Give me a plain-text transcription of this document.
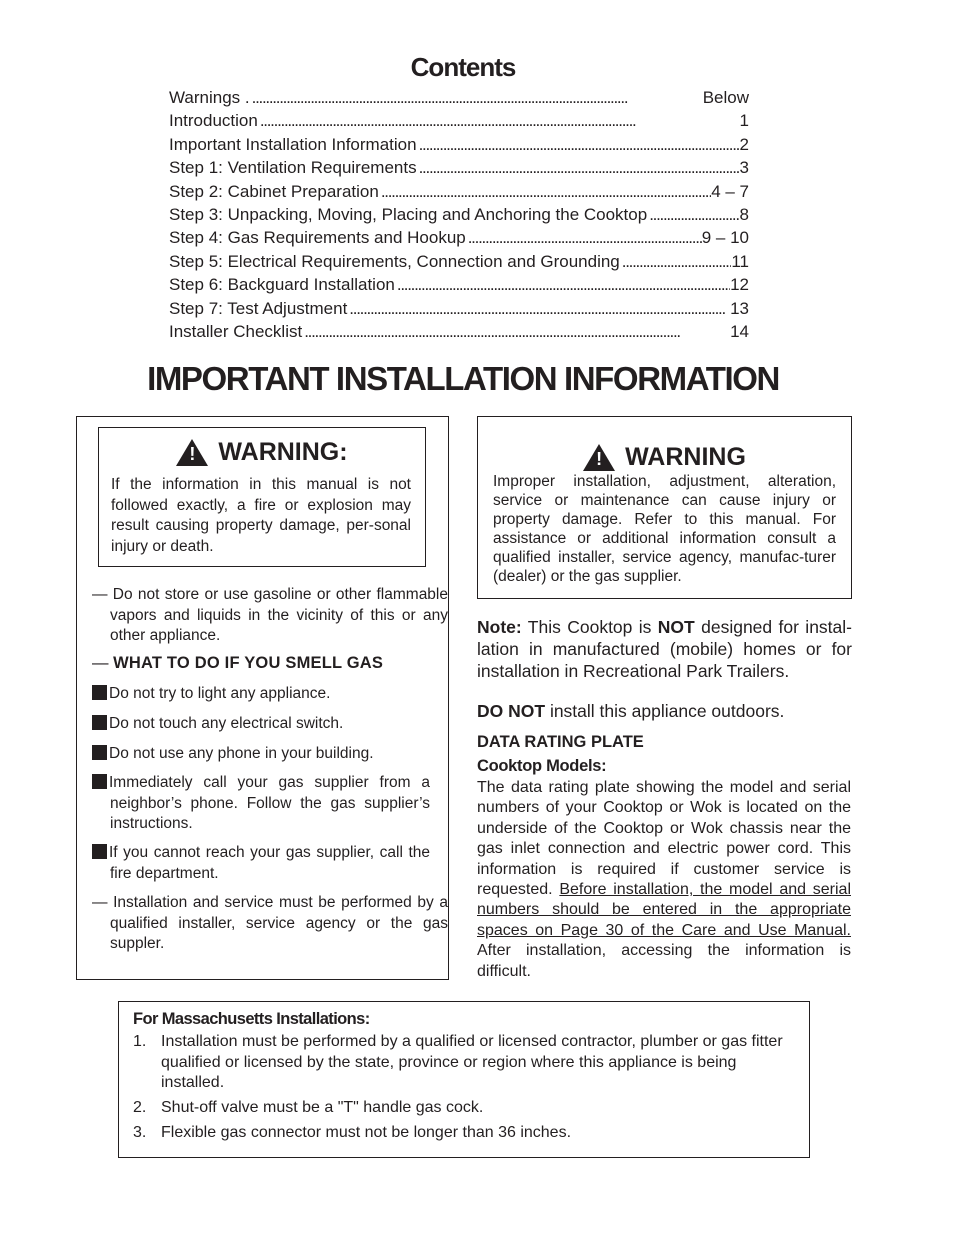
Contents
Warnings . . . .	Below
Introduction . . .	1
Important Installation Information . . .	2
Step 1: Ventilation Requirements . . .	3
Step 2: Cabinet Preparation . . .	4 – 7
Step 3: Unpacking, Moving, Placing and Anchoring the Cooktop . . .	8
Step 4: Gas Requirements and Hookup . . .	9 – 10
Step 5: Electrical Requirements, Connection and Grounding . . .	11
Step 6: Backguard Installation . . .	12
Step 7: Test Adjustment . . .	13
Installer Checklist . . .	14
IMPORTANT INSTALLATION INFORMATION
! WARNING:
If the information in this manual is not followed exactly, a fire or explosion may result causing property damage, per-sonal injury or death.
— Do not store or use gasoline or other flammable vapors and liquids in the vicinity of this or any other appliance.
— WHAT TO DO IF YOU SMELL GAS
Do not try to light any appliance.
Do not touch any electrical switch.
Do not use any phone in your building.
Immediately call your gas supplier from a neighbor’s phone. Follow the gas supplier’s instructions.
If you cannot reach your gas supplier, call the fire department.
— Installation and service must be performed by a qualified installer, service agency or the gas suppler.
! WARNING
Improper installation, adjustment, alteration, service or maintenance can cause injury or property damage. Refer to this manual. For assistance or additional information consult a qualified installer, service agency, manufac-turer (dealer) or the gas supplier.
Note: This Cooktop is NOT designed for instal-lation in manufactured (mobile) homes or for installation in Recreational Park Trailers.
DO NOT install this appliance outdoors.
DATA RATING PLATE
Cooktop Models:
The data rating plate showing the model and serial numbers of your Cooktop or Wok is located on the underside of the Cooktop or Wok chassis near the gas inlet connection and electric power cord. This information is required if customer service is requested. Before installation, the model and serial numbers should be entered in the appropriate spaces on Page 30 of the Care and Use Manual. After installation, accessing the information is difficult.
For Massachusetts Installations:
1. Installation must be performed by a qualified or licensed contractor, plumber or gas fitter qualified or licensed by the state, province or region where this appliance is being installed.
2. Shut-off valve must be a "T" handle gas cock.
3. Flexible gas connector must not be longer than 36 inches.
